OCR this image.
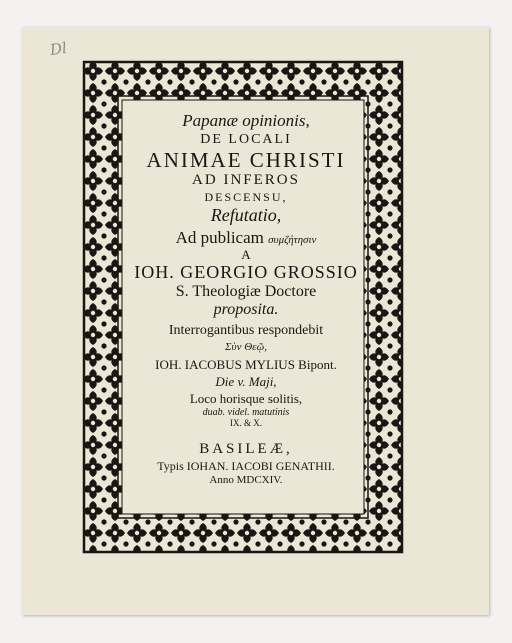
Dl
Papanæ opinionis,
DE LOCALI
ANIMAE CHRISTI
AD INFEROS
DESCENSU,
Refutatio,
Ad publicam συμζήτησιν
A
IOH. GEORGIO GROSSIO
S. Theologiæ Doctore
proposita.
Interrogantibus respondebit
Σὺν Θεῷ,
IOH. IACOBUS MYLIUS Bipont.
Die v. Maji,
Loco horisque solitis,
duab. videl. matutinis
IX. & X.
BASILEÆ,
Typis IOHAN. IACOBI GENATHII.
Anno MDCXIV.
